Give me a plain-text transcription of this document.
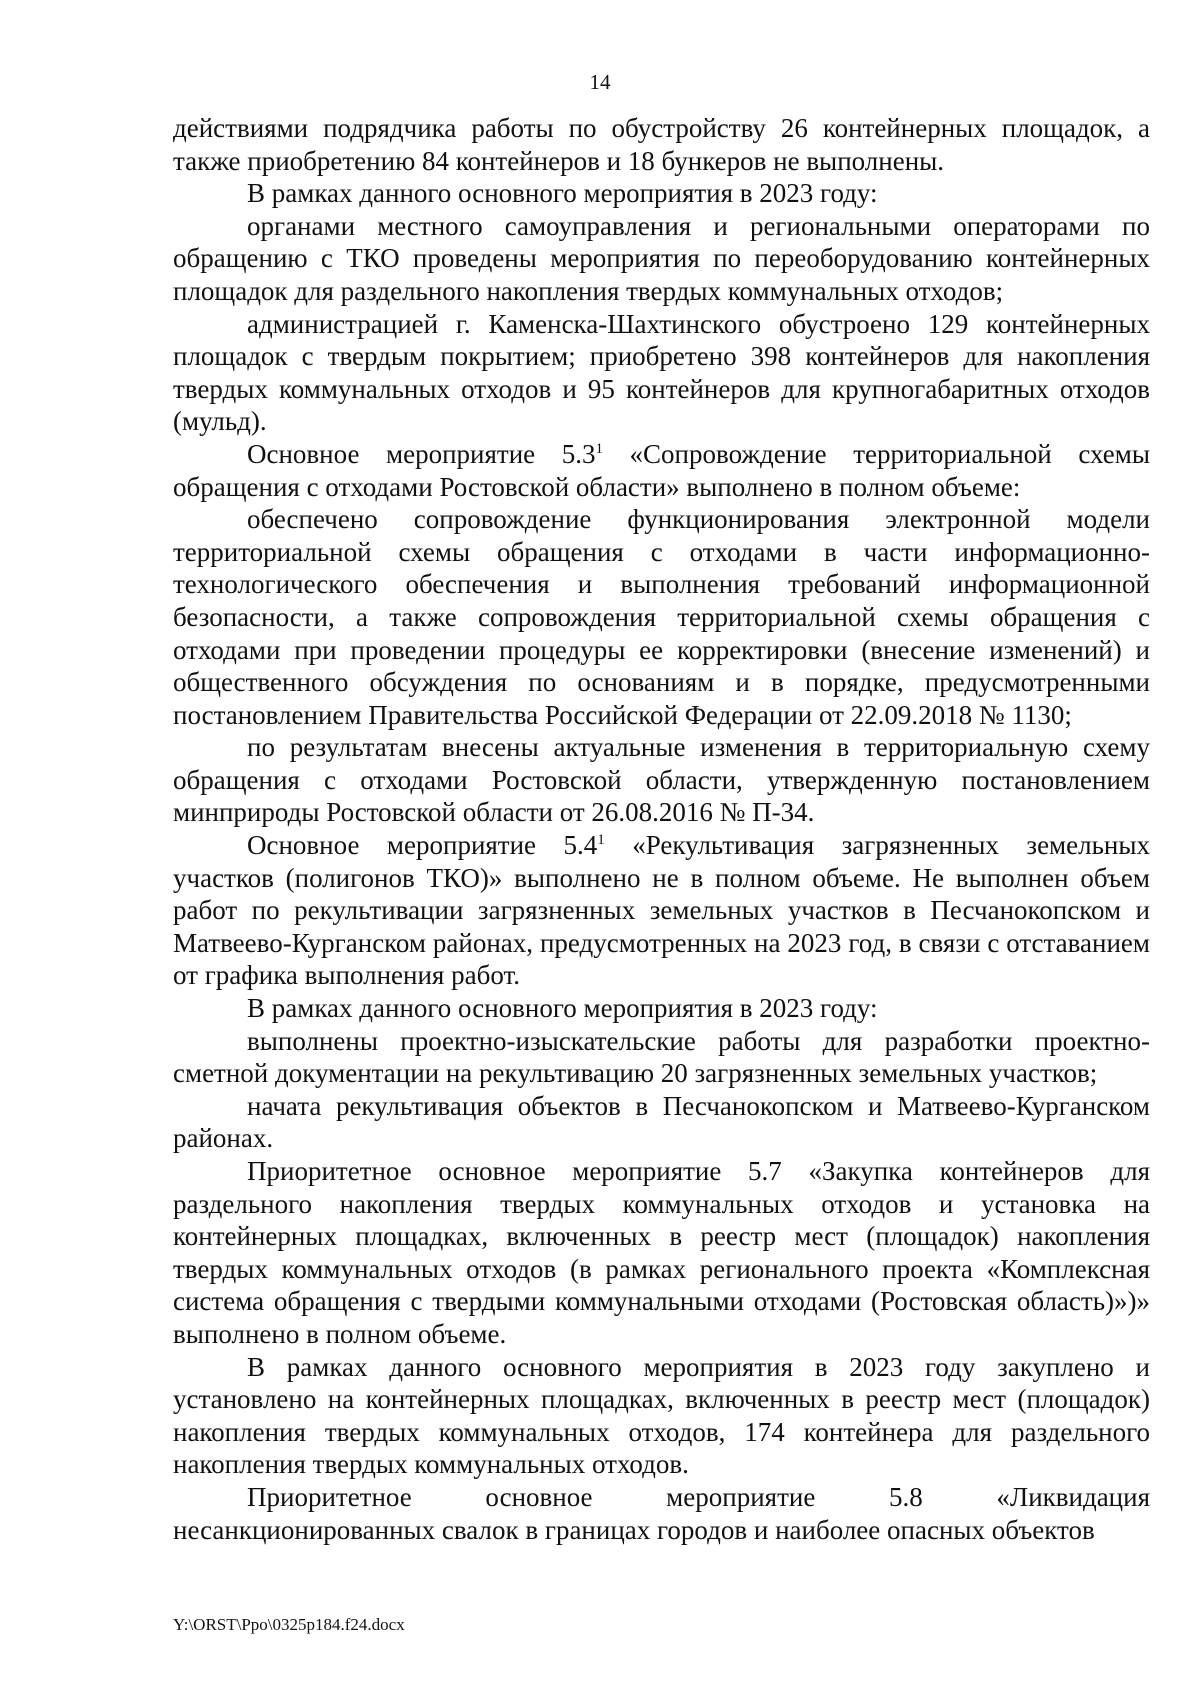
14

действиями подрядчика работы по обустройству 26 контейнерных площадок, а также приобретению 84 контейнеров и 18 бункеров не выполнены.

В рамках данного основного мероприятия в 2023 году:

органами местного самоуправления и региональными операторами по обращению с ТКО проведены мероприятия по переоборудованию контейнерных площадок для раздельного накопления твердых коммунальных отходов;

администрацией г. Каменска-Шахтинского обустроено 129 контейнерных площадок с твердым покрытием; приобретено 398 контейнеров для накопления твердых коммунальных отходов и 95 контейнеров для крупногабаритных отходов (мульд).

Основное мероприятие $5.3^1$ «Сопровождение территориальной схемы обращения с отходами Ростовской области» выполнено в полном объеме:

обеспечено сопровождение функционирования электронной модели территориальной схемы обращения с отходами в части информационно-технологического обеспечения и выполнения требований информационной безопасности, а также сопровождения территориальной схемы обращения с отходами при проведении процедуры ее корректировки (внесение изменений) и общественного обсуждения по основаниям и в порядке, предусмотренными постановлением Правительства Российской Федерации от 22.09.2018 № 1130;

по результатам внесены актуальные изменения в территориальную схему обращения с отходами Ростовской области, утвержденную постановлением минприроды Ростовской области от 26.08.2016 № П-34.

Основное мероприятие $5.4^1$ «Рекультивация загрязненных земельных участков (полигонов ТКО)» выполнено не в полном объеме. Не выполнен объем работ по рекультивации загрязненных земельных участков в Песчанокопском и Матвеево-Курганском районах, предусмотренных на 2023 год, в связи с отставанием от графика выполнения работ.

В рамках данного основного мероприятия в 2023 году:

выполнены проектно-изыскательские работы для разработки проектно-сметной документации на рекультивацию 20 загрязненных земельных участков;

начата рекультивация объектов в Песчанокопском и Матвеево-Курганском районах.

Приоритетное основное мероприятие 5.7 «Закупка контейнеров для раздельного накопления твердых коммунальных отходов и установка на контейнерных площадках, включенных в реестр мест (площадок) накопления твердых коммунальных отходов (в рамках регионального проекта «Комплексная система обращения с твердыми коммунальными отходами (Ростовская область)»)» выполнено в полном объеме.

В рамках данного основного мероприятия в 2023 году закуплено и установлено на контейнерных площадках, включенных в реестр мест (площадок) накопления твердых коммунальных отходов, 174 контейнера для раздельного накопления твердых коммунальных отходов.

Приоритетное основное мероприятие 5.8 «Ликвидация несанкционированных свалок в границах городов и наиболее опасных объектов

Y:\ORST\Ppo\0325p184.f24.docx
